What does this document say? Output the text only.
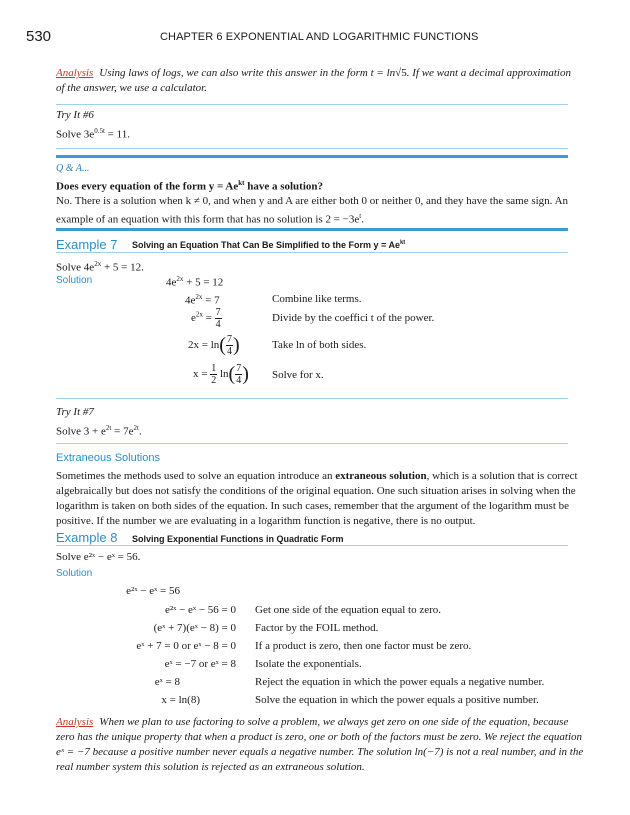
530	CHAPTER 6 EXPONENTIAL AND LOGARITHMIC FUNCTIONS
Analysis Using laws of logs, we can also write this answer in the form t = ln√5. If we want a decimal approximation
of the answer, we use a calculator.
Try It #6
Solve $3e^{0.5t} = 11$.
Q & A...
Does every equation of the form $y = Ae^{kt}$ have a solution?
No. There is a solution when k ≠ 0, and when y and A are either both 0 or neither 0, and they have the same sign. An
example of an equation with this form that has no solution is $2 = -3e^t$.
Example 7 Solving an Equation That Can Be Simplified to the Form $y = Ae^{kt}$
Solve $4e^{2x} + 5 = 12$.
Solution	$4e^{2x} + 5 = 12$
$4e^{2x} = 7$	Combine like terms.
$e^{2x} = \frac{7}{4}$	Divide by the coeffici t of the power.
$2x = \ln( \frac{7}{4}$ )	Take ln of both sides.
$x = \frac{1}{2} \ln( \frac{7}{4}$ ) Solve for x.
Try It #7
Solve $3 + e^{2t} = 7e^{2t}$.
Extraneous Solutions
Sometimes the methods used to solve an equation introduce an extraneous solution, which is a solution that is correct
algebraically but does not satisfy the conditions of the original equation. One such situation arises in solving when the
logarithm is taken on both sides of the equation. In such cases, remember that the argument of the logarithm must be
positive. If the number we are evaluating in a logarithm function is negative, there is no output.
Example 8 Solving Exponential Functions in Quadratic Form
Solve e²ˣ − eˣ = 56.
Solution
e²ˣ − eˣ = 56
e²ˣ − eˣ − 56 = 0 Get one side of the equation equal to zero.
(eˣ + 7)(eˣ − 8) = 0 Factor by the FOIL method.
eˣ + 7 = 0 or eˣ − 8 = 0 If a product is zero, then one factor must be zero.
eˣ = −7 or eˣ = 8 Isolate the exponentials.
eˣ = 8	Reject the equation in which the power equals a negative number.
x = ln(8)	Solve the equation in which the power equals a positive number.
Analysis When we plan to use factoring to solve a problem, we always get zero on one side of the equation, because
zero has the unique property that when a product is zero, one or both of the factors must be zero. We reject the equation
eˣ = −7 because a positive number never equals a negative number. The solution ln(−7) is not a real number, and in the
real number system this solution is rejected as an extraneous solution.
